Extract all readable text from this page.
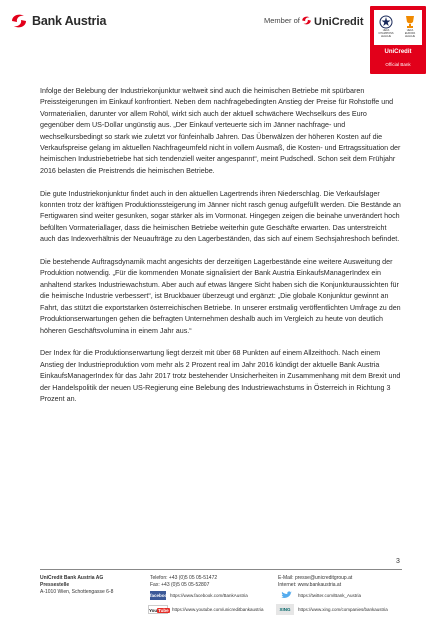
Bank Austria	Member of UniCredit
UEFA CHAMPIONS LEAGUE
UEFA EUROPA LEAGUE
UniCredit
Official Bank

Infolge der Belebung der Industriekonjunktur weltweit sind auch die heimischen Betriebe mit spürbaren Preissteigerungen im Einkauf konfrontiert. Neben dem nachfragebedingten Anstieg der Preise für Rohstoffe und Vormaterialien, darunter vor allem Rohöl, wirkt sich auch der aktuell schwächere Wechselkurs des Euro gegenüber dem US-Dollar ungünstig aus. „Der Einkauf verteuerte sich im Jänner nachfrage- und wechselkursbedingt so stark wie zuletzt vor fünfeinhalb Jahren. Das Überwälzen der höheren Kosten auf die Verkaufspreise gelang im aktuellen Nachfrageumfeld nicht in vollem Ausmaß, die Kosten- und Ertragssituation der heimischen Industriebetriebe hat sich tendenziell weiter angespannt“, meint Pudschedl. Schon seit dem Frühjahr 2016 belasten die Preistrends die heimischen Betriebe.

Die gute Industriekonjunktur findet auch in den aktuellen Lagertrends ihren Niederschlag. Die Verkaufslager konnten trotz der kräftigen Produktionssteigerung im Jänner nicht rasch genug aufgefüllt werden. Die Bestände an Fertigwaren sind weiter gesunken, sogar stärker als im Vormonat. Hingegen zeigen die beinahe unverändert hoch befüllten Vormateriallager, dass die heimischen Betriebe weiterhin gute Geschäfte erwarten. Das unterstreicht auch das Indexverhältnis der Neuaufträge zu den Lagerbeständen, das sich auf einem Sechsjahreshoch befindet.

Die bestehende Auftragsdynamik macht angesichts der derzeitigen Lagerbestände eine weitere Ausweitung der Produktion notwendig. „Für die kommenden Monate signalisiert der Bank Austria EinkaufsManagerIndex ein anhaltend starkes Industriewachstum. Aber auch auf etwas längere Sicht haben sich die Konjunkturaussichten für die heimische Industrie verbessert“, ist Bruckbauer überzeugt und ergänzt: „Die globale Konjunktur gewinnt an Fahrt, das stützt die exportstarken österreichischen Betriebe. In unserer erstmalig veröffentlichten Umfrage zu den Produktionserwartungen gehen die befragten Unternehmen deshalb auch im Vergleich zu heute von deutlich höheren Geschäftsvolumina in einem Jahr aus.“

Der Index für die Produktionserwartung liegt derzeit mit über 68 Punkten auf einem Allzeithoch. Nach einem Anstieg der Industrieproduktion vom mehr als 2 Prozent real im Jahr 2016 kündigt der aktuelle Bank Austria EinkaufsManagerIndex für das Jahr 2017 trotz bestehender Unsicherheiten in Zusammenhang mit dem Brexit und der Handelspolitik der neuen US-Regierung eine Belebung des Industriewachstums in Österreich in Richtung 3 Prozent an.

3
UniCredit Bank Austria AG
Pressestelle
A-1010 Wien, Schottengasse 6-8
Telefon: +43 (0)5 05 05-51472
Fax: +43 (0)5 05 05-52807
E-Mail: presse@unicreditgroup.at
Internet: www.bankaustria.at
facebook https://www.facebook.com/BankAustria
YouTube https://www.youtube.com/unicreditbankaustria
https://twitter.com/Bank_Austria
XING	https://www.xing.com/companies/bankaustria
